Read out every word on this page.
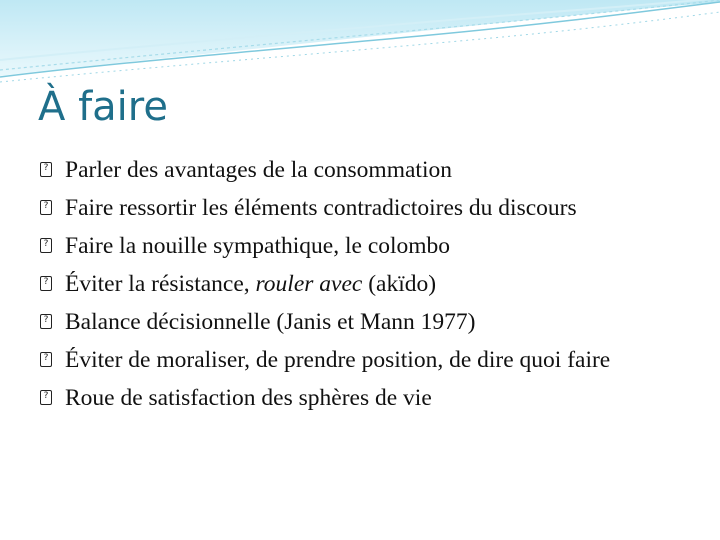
À faire
? Parler des avantages de la consommation
? Faire ressortir les éléments contradictoires du discours
? Faire la nouille sympathique, le colombo
? Éviter la résistance, rouler avec (akïdo)
? Balance décisionnelle (Janis et Mann 1977)
? Éviter de moraliser, de prendre position, de dire quoi faire
? Roue de satisfaction des sphères de vie
